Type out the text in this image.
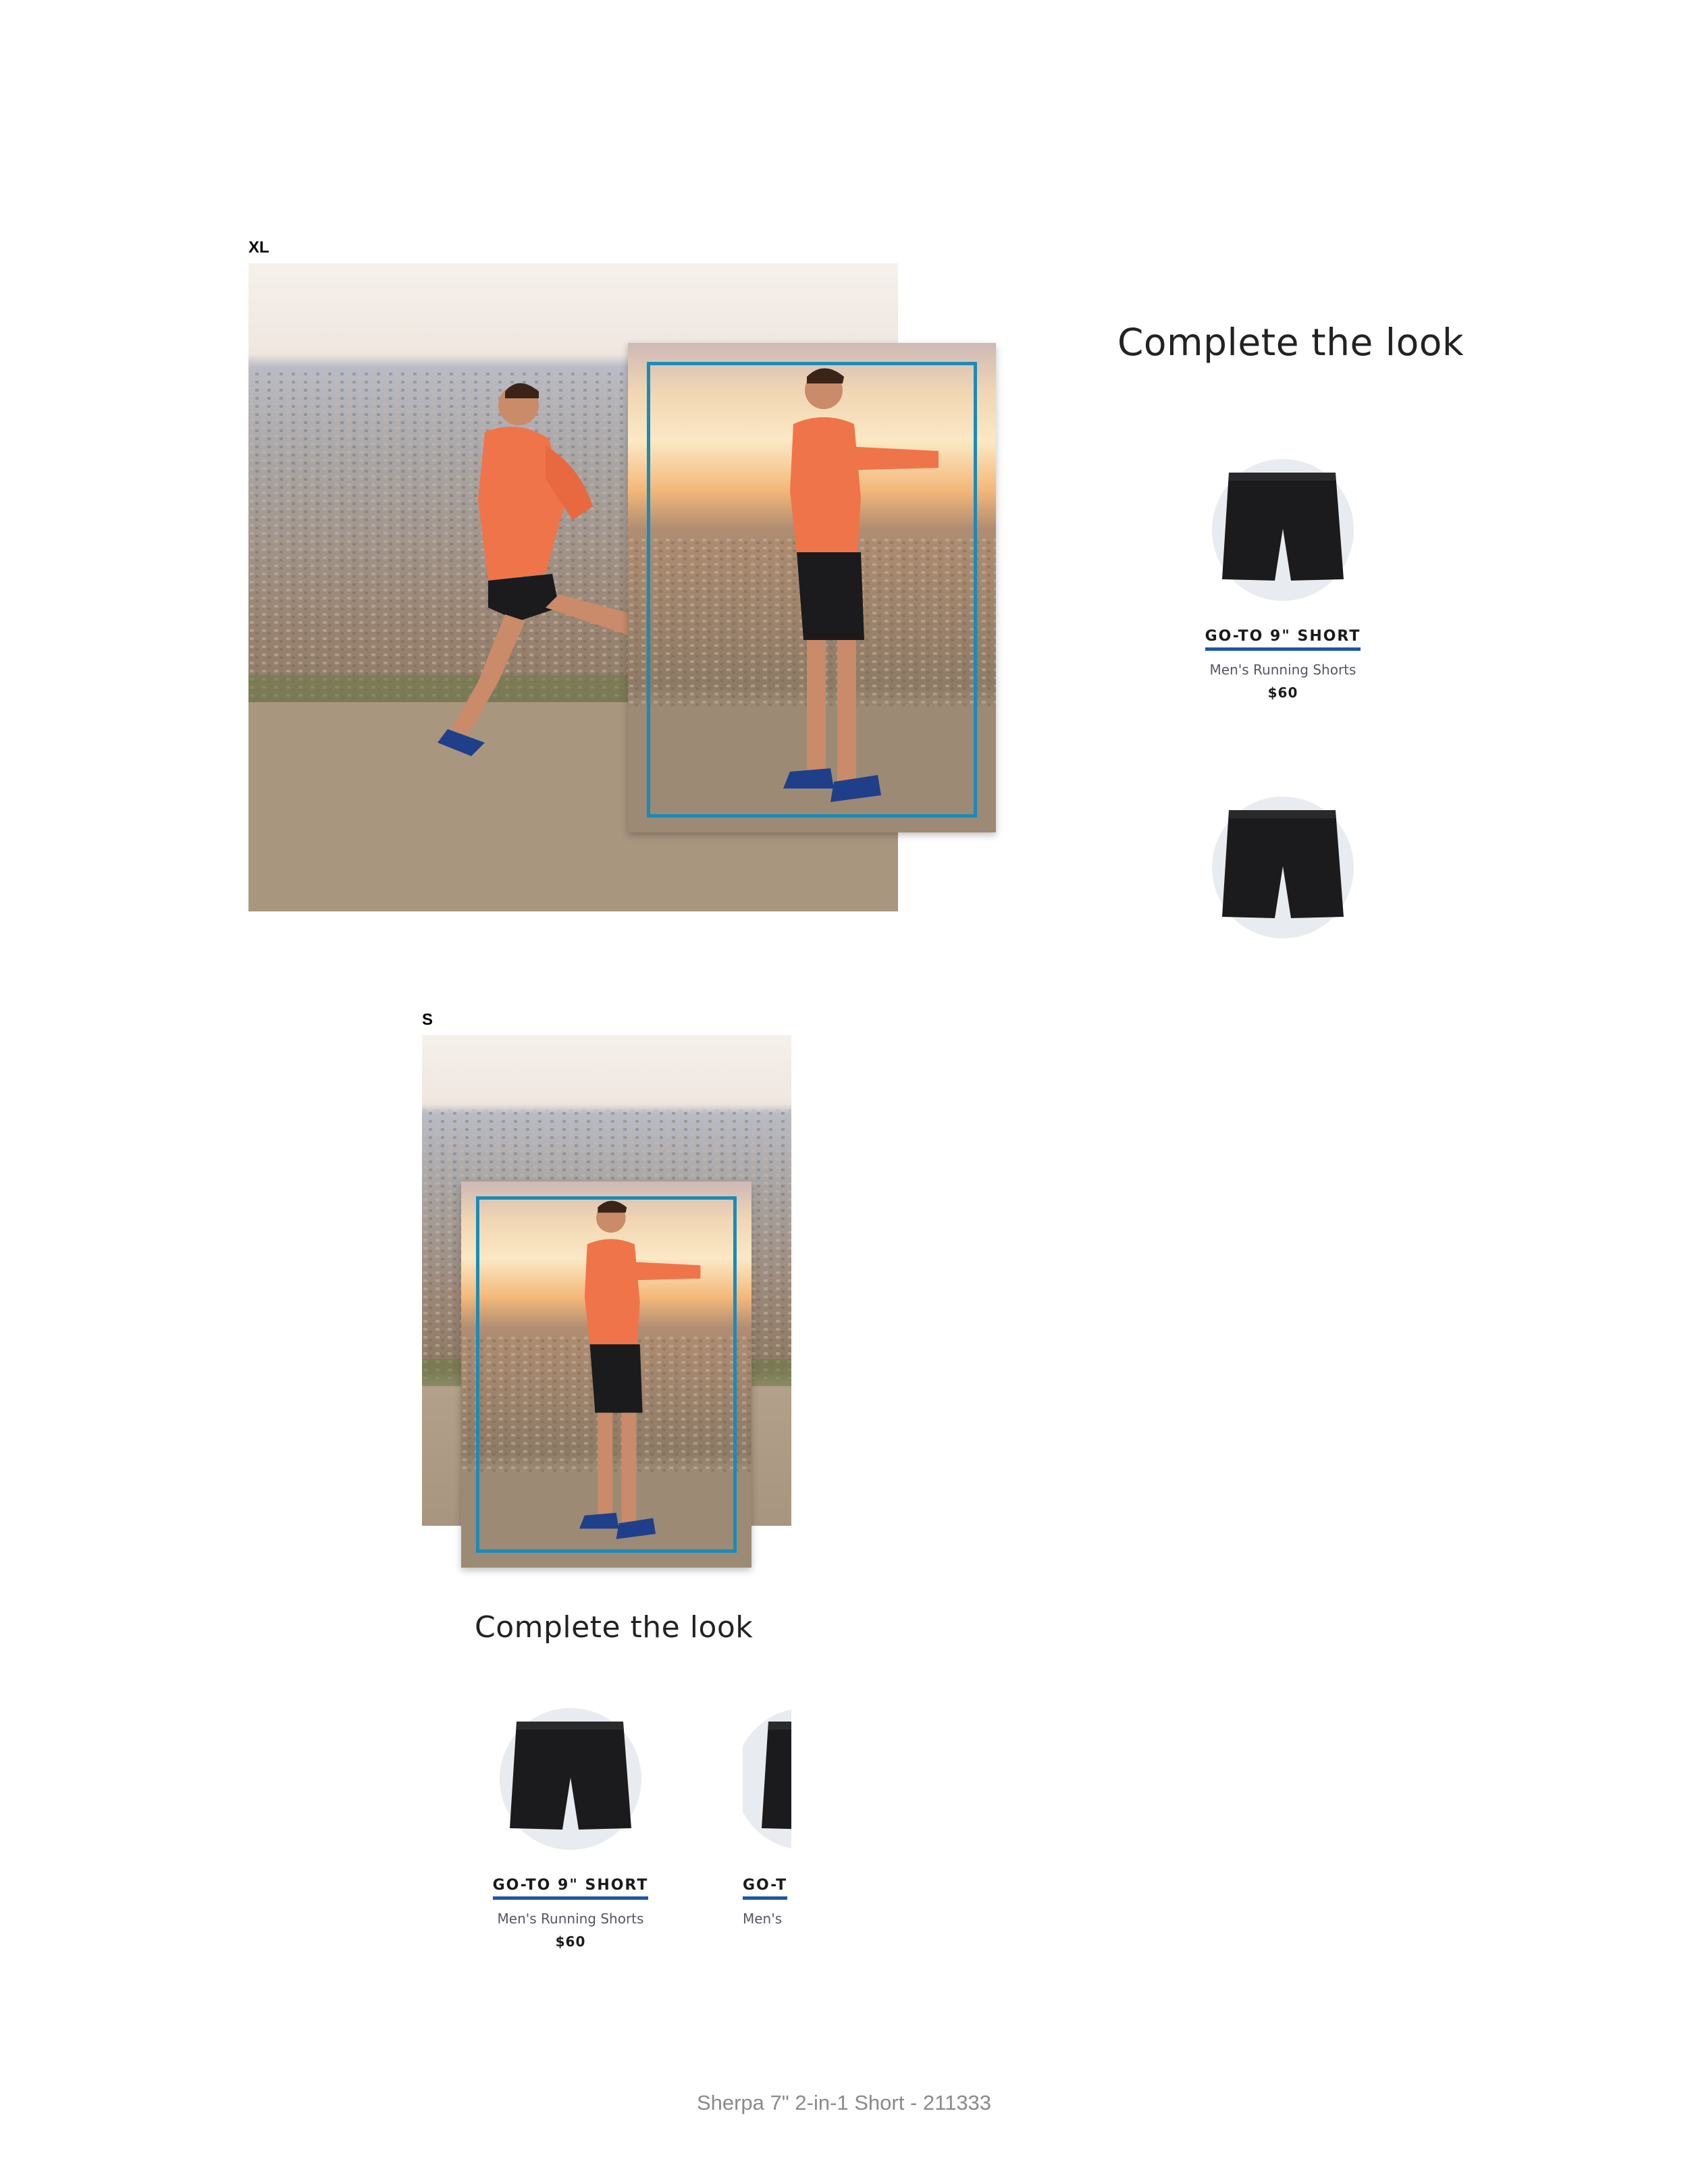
XL
Complete the look
GO-TO 9" SHORT
Men's Running Shorts
$60
S
Complete the look
GO-TO 9" SHORT
Men's Running Shorts
$60
GO-T
Men's
Sherpa 7" 2-in-1 Short - 211333
